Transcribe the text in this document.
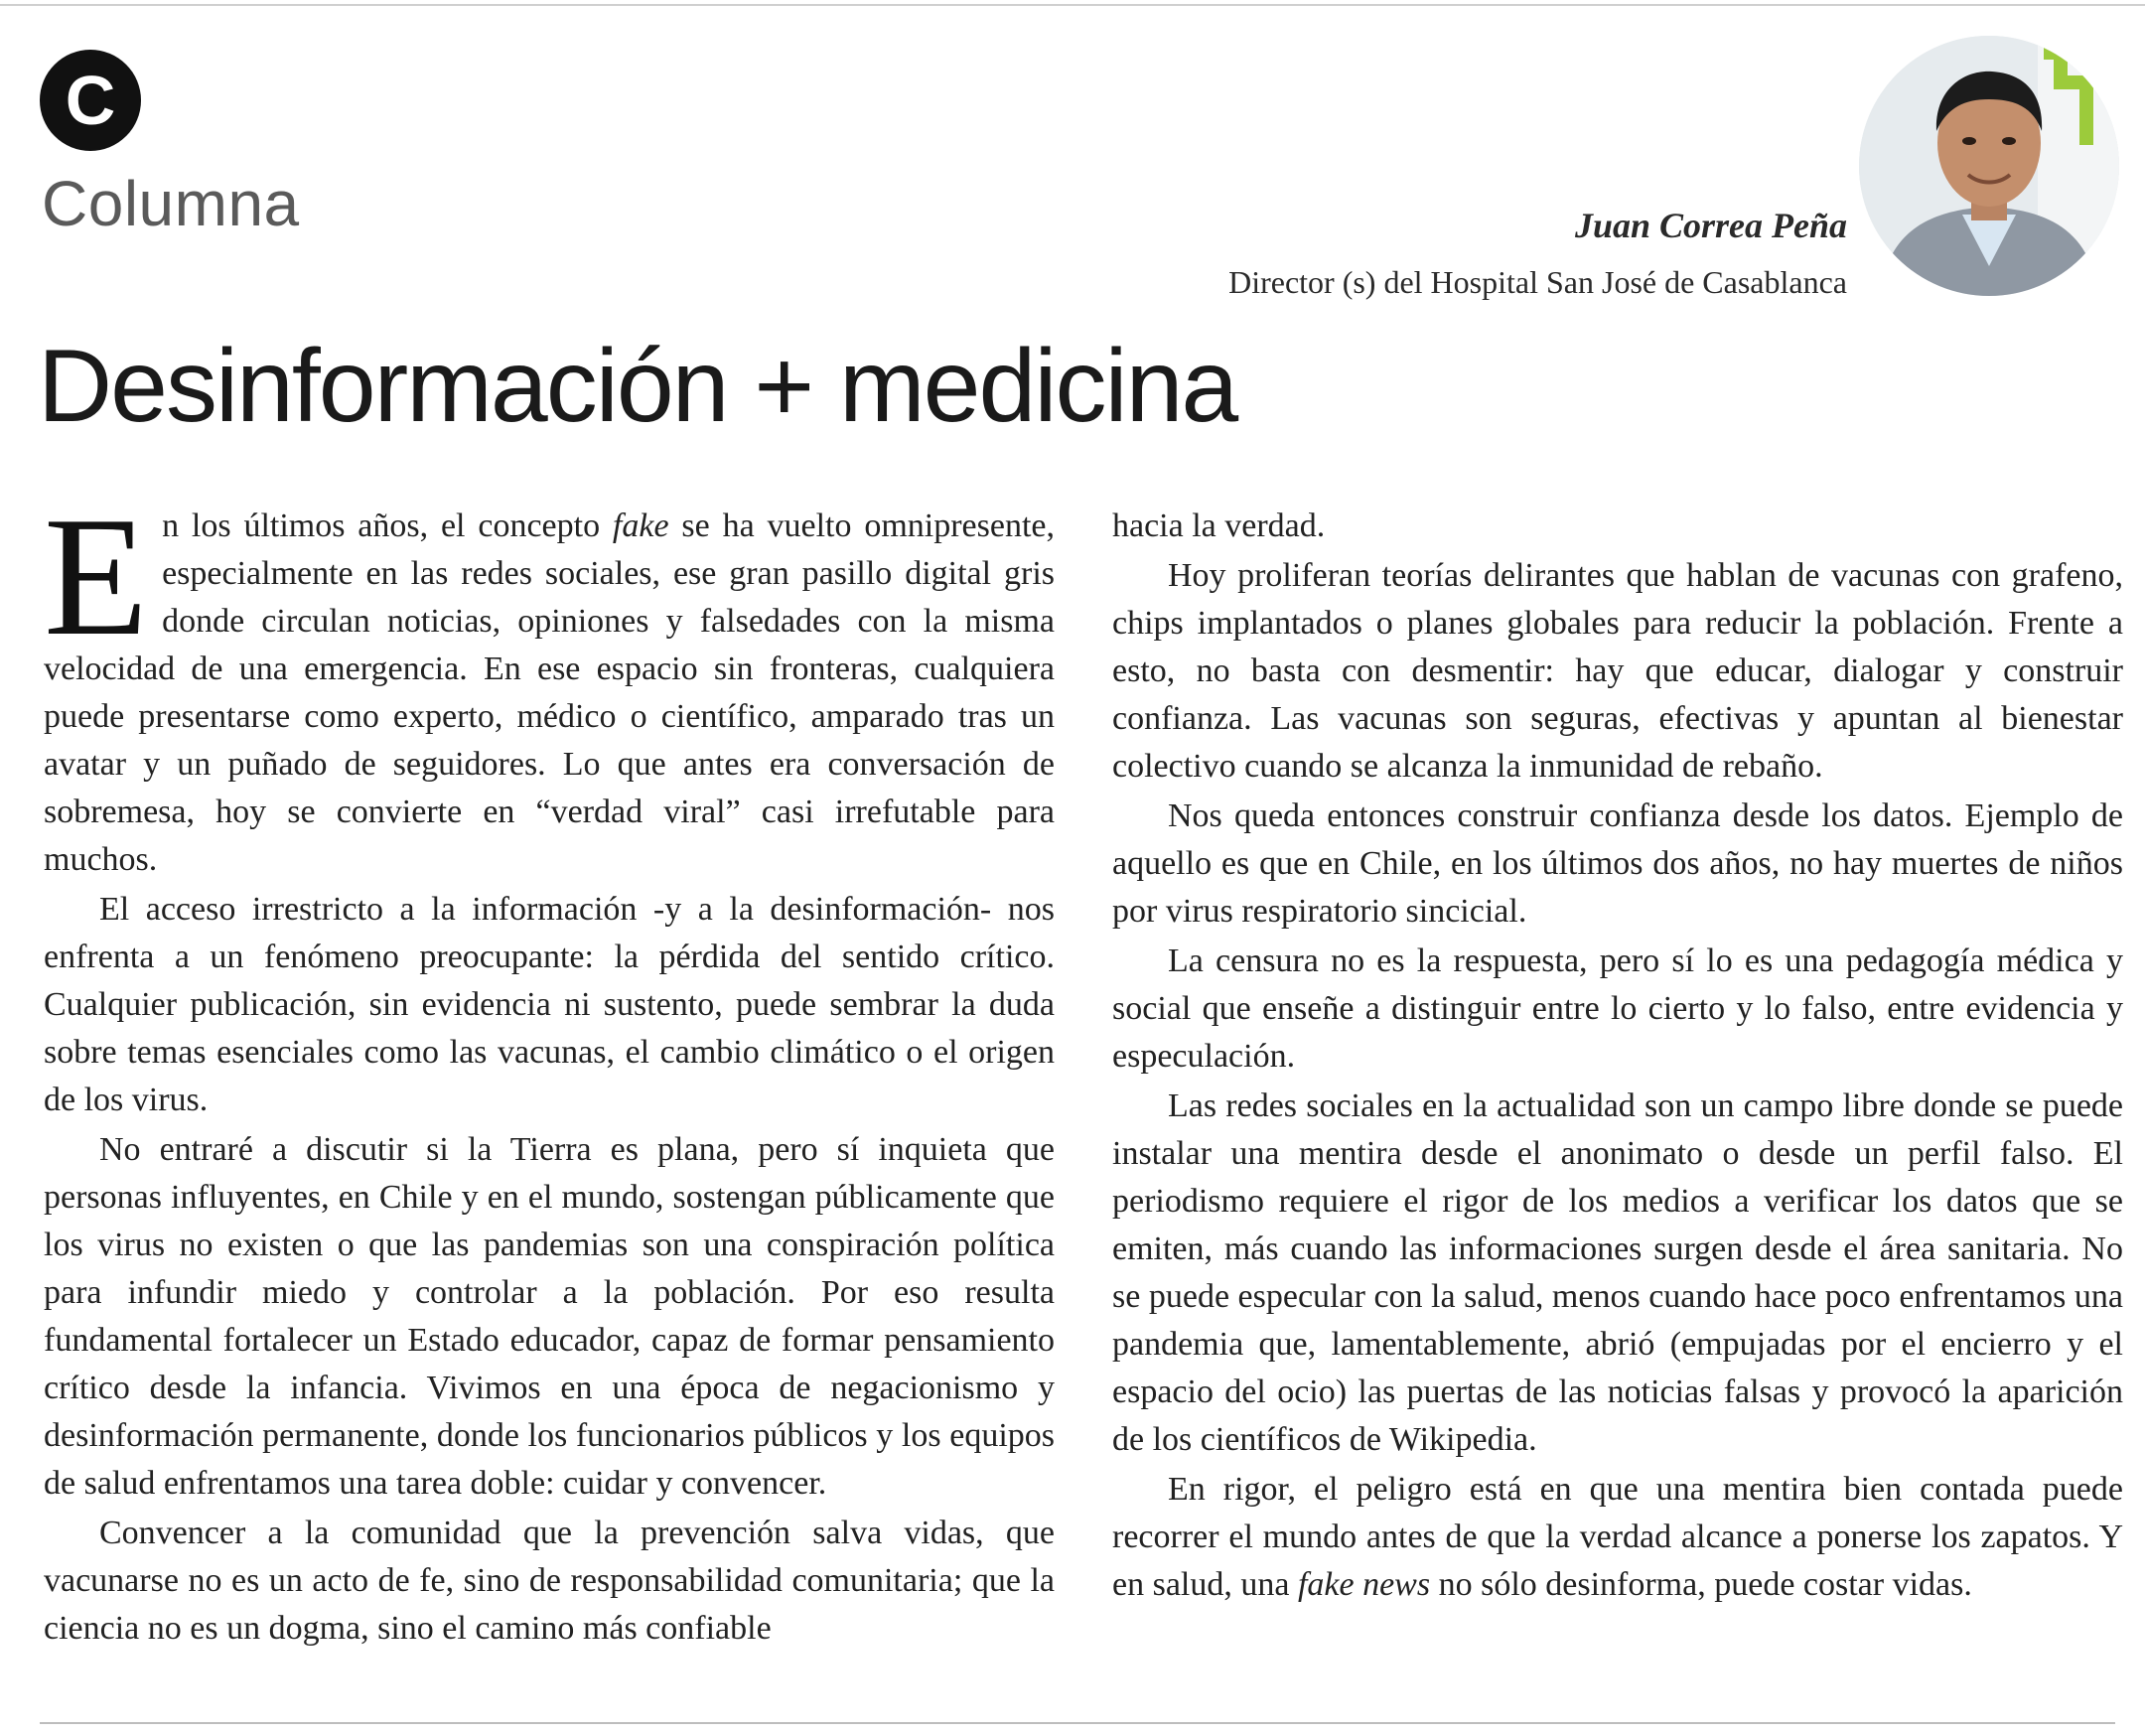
C
Columna	Juan Correa Peña
Director (s) del Hospital San José de Casablanca
Desinformación + medicina

En los últimos años, el concepto fake se ha vuelto omnipresente, especialmente en las redes sociales, ese gran pasillo digital gris donde circulan noticias, opiniones y falsedades con la misma velocidad de una emergencia. En ese espacio sin fronteras, cualquiera puede presentarse como experto, médico o científico, amparado tras un avatar y un puñado de seguidores. Lo que antes era conversación de sobremesa, hoy se convierte en “verdad viral” casi irrefutable para muchos.

El acceso irrestricto a la información -y a la desinformación- nos enfrenta a un fenómeno preocupante: la pérdida del sentido crítico. Cualquier publicación, sin evidencia ni sustento, puede sembrar la duda sobre temas esenciales como las vacunas, el cambio climático o el origen de los virus.

No entraré a discutir si la Tierra es plana, pero sí inquieta que personas influyentes, en Chile y en el mundo, sostengan públicamente que los virus no existen o que las pandemias son una conspiración política para infundir miedo y controlar a la población. Por eso resulta fundamental fortalecer un Estado educador, capaz de formar pensamiento crítico desde la infancia. Vivimos en una época de negacionismo y desinformación permanente, donde los funcionarios públicos y los equipos de salud enfrentamos una tarea doble: cuidar y convencer.

Convencer a la comunidad que la prevención salva vidas, que vacunarse no es un acto de fe, sino de responsabilidad comunitaria; que la ciencia no es un dogma, sino el camino más confiable

hacia la verdad.

Hoy proliferan teorías delirantes que hablan de vacunas con grafeno, chips implantados o planes globales para reducir la población. Frente a esto, no basta con desmentir: hay que educar, dialogar y construir confianza. Las vacunas son seguras, efectivas y apuntan al bienestar colectivo cuando se alcanza la inmunidad de rebaño.

Nos queda entonces construir confianza desde los datos. Ejemplo de aquello es que en Chile, en los últimos dos años, no hay muertes de niños por virus respiratorio sincicial.

La censura no es la respuesta, pero sí lo es una pedagogía médica y social que enseñe a distinguir entre lo cierto y lo falso, entre evidencia y especulación.

Las redes sociales en la actualidad son un campo libre donde se puede instalar una mentira desde el anonimato o desde un perfil falso. El periodismo requiere el rigor de los medios a verificar los datos que se emiten, más cuando las informaciones surgen desde el área sanitaria. No se puede especular con la salud, menos cuando hace poco enfrentamos una pandemia que, lamentablemente, abrió (empujadas por el encierro y el espacio del ocio) las puertas de las noticias falsas y provocó la aparición de los científicos de Wikipedia.

En rigor, el peligro está en que una mentira bien contada puede recorrer el mundo antes de que la verdad alcance a ponerse los zapatos. Y en salud, una fake news no sólo desinforma, puede costar vidas.
